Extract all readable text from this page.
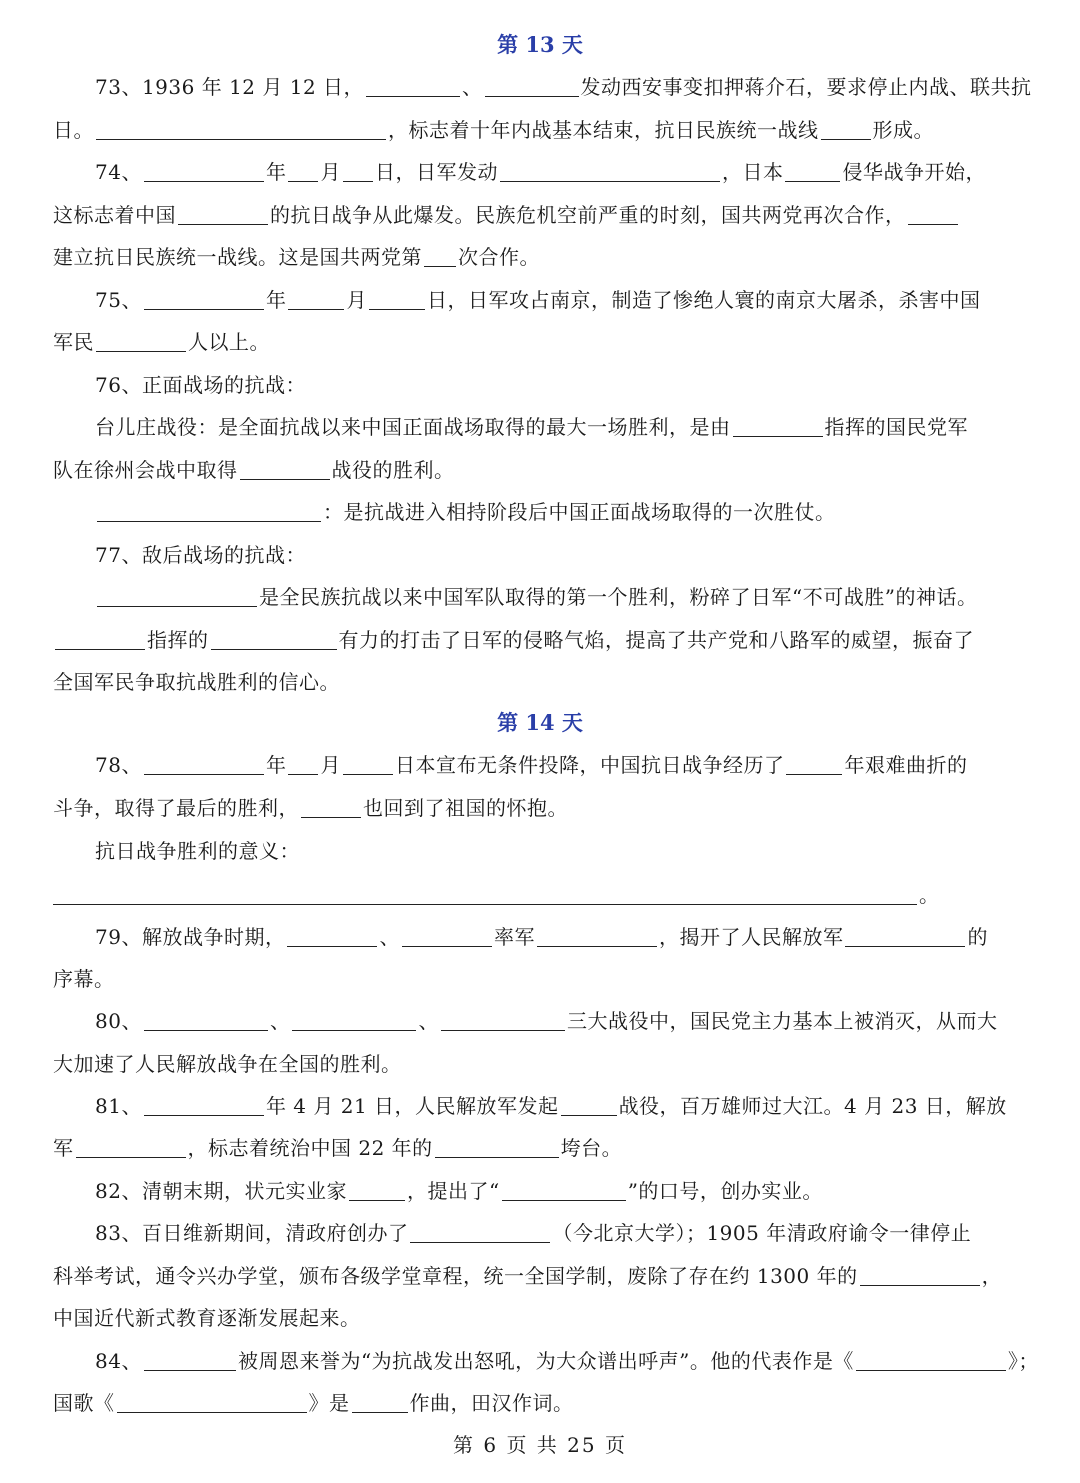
第 13 天
73、1936 年 12 月 12 日，	、	发动西安事变扣押蒋介石，要求停止内战、联共抗
日。	，标志着十年内战基本结束，抗日民族统一战线	形成。
74、	年 月 日，日军发动	，日本	侵华战争开始，
这标志着中国	的抗日战争从此爆发。民族危机空前严重的时刻，国共两党再次合作，
建立抗日民族统一战线。这是国共两党第 次合作。
75、	年	月	日，日军攻占南京，制造了惨绝人寰的南京大屠杀，杀害中国
军民	人以上。
76、正面战场的抗战：
台儿庄战役：是全面抗战以来中国正面战场取得的最大一场胜利，是由	指挥的国民党军
队在徐州会战中取得	战役的胜利。
：是抗战进入相持阶段后中国正面战场取得的一次胜仗。
77、敌后战场的抗战：
是全民族抗战以来中国军队取得的第一个胜利，粉碎了日军“不可战胜”的神话。
指挥的	有力的打击了日军的侵略气焰，提高了共产党和八路军的威望，振奋了
全国军民争取抗战胜利的信心。
第 14 天
78、	年 月	日本宣布无条件投降，中国抗日战争经历了	年艰难曲折的
斗争，取得了最后的胜利，	也回到了祖国的怀抱。
抗日战争胜利的意义：
。
79、解放战争时期，	、	率军	，揭开了人民解放军	的
序幕。
80、	、	、	三大战役中，国民党主力基本上被消灭，从而大
大加速了人民解放战争在全国的胜利。
81、	年 4 月 21 日，人民解放军发起	战役，百万雄师过大江。4 月 23 日，解放
军	，标志着统治中国 22 年的	垮台。
82、清朝末期，状元实业家	，提出了“	”的口号，创办实业。
83、百日维新期间，清政府创办了	（今北京大学）；1905 年清政府谕令一律停止
科举考试，通令兴办学堂，颁布各级学堂章程，统一全国学制，废除了存在约 1300 年的	，
中国近代新式教育逐渐发展起来。
84、	被周恩来誉为“为抗战发出怒吼，为大众谱出呼声”。他的代表作是《	》；
国歌《	》是	作曲，田汉作词。
第 6 页 共 25 页
